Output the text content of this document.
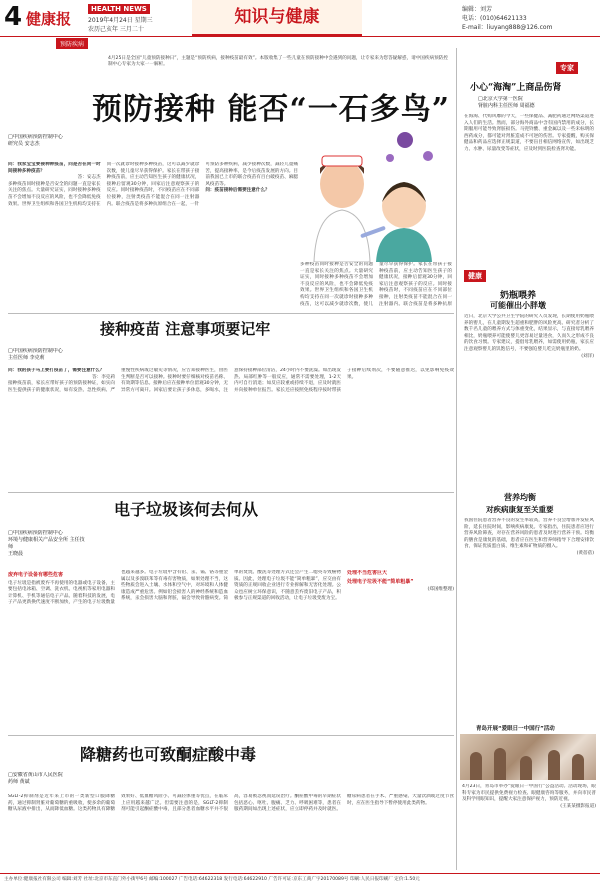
4 健康报
HEALTH NEWS
2019年4月24日 星期三
农历己亥年 三月二十
知识与健康	编辑：刘芳
电话：(010)64621133
E-mail：liuyang888@126.com
预防疾病
4月25日是全国“儿童预防接种日”，主题是“预防疾病，接种疫苗最有效”。本版收集了一些儿童在预防接种中会遇到的问题，让专家来为您答疑解惑，请中国疾病预防控制中心专家为大家一一解析。
预防接种 能否“一石多鸟”
□中国疾病预防控制中心
研究员 安志杰

问：我家宝宝要接种种疫苗，问是否在同一时间接种多种疫苗？

答：安志杰

多种疫苗同时接种是否安全的问题一直是家长关注的焦点。大量研究证实，同时接种多种疫苗不会增加不良反应的风险，也不会降低免疫效果。世界卫生组织和各国卫生机构均支持在同一次就诊时接种多种疫苗，这可以减少就诊次数，使儿童尽早获得保护。家长在带孩子接种疫苗前，应主动告知医生孩子的健康状况，接种后留观30分钟，回家后注意观察孩子的反应。同时接种疫苗时，不同疫苗应在不同部位接种，注射类疫苗不能混合在同一注射器内。联合疫苗是将多种抗原组合在一起，一针可预防多种疾病，减少接种次数，减轻儿童痛苦，提高接种率，是今后疫苗发展的方向。目前我国已上市的联合疫苗有百白破疫苗、麻腮风疫苗等。

问：疫苗接种后需要注意什么？

多种疫苗同时接种是否安全的问题一直是家长关注的焦点。大量研究证实，同时接种多种疫苗不会增加不良反应的风险，也不会降低免疫效果。世界卫生组织和各国卫生机构均支持在同一次就诊时接种多种疫苗，这可以减少就诊次数，使儿童尽早获得保护。家长在带孩子接种疫苗前，应主动告知医生孩子的健康状况，接种后留观30分钟，回家后注意观察孩子的反应。同时接种疫苗时，不同疫苗应在不同部位接种，注射类疫苗不能混合在同一注射器内。联合疫苗是将多种抗原

接种疫苗 注意事项要记牢
□中国疾病预防控制中心
主任医师 李克莉

问：我的孩子马上要打疫苗了，需要注意什么？

答：李克莉

接种疫苗前，家长应带好孩子的预防接种证，如实向医生提供孩子的健康状况，如有发热、急性疾病、严重慢性疾病或过敏史等情况，应告知接种医生，由医生判断是否可以接种。接种时要仔细核对疫苗名称、有效期等信息。接种后应在接种单位留观30分钟，无异常方可离开。回家后要让孩子多休息，多喝水，注意保持接种部位清洁，24小时内不要洗澡。如出现发热、局部红肿等一般反应，通常不需要处理，1-2天内可自行消退；如反应较重或持续不退，应及时就医并向接种单位报告。家长还应按照免疫程序按时带孩子接种后续剂次，不要随意推迟，以免影响免疫效果。

电子垃圾该何去何从
□中国疾病预防控制中心
环境与健康相关产品安全所 主任技师
王晓晨

废弃电子设备有哪些危害

电子垃圾是指被废弃不再使用的电器或电子设备，主要包括电冰箱、空调、洗衣机、电视机等家用电器和计算机、手机等通信电子产品。随着科技的发展，电子产品更新换代速度不断加快，产生的电子垃圾数量也越来越多。电子垃圾中含有铅、汞、镉、铬等重金属以及多溴联苯等有毒有害物质，如果处理不当，这些物质会进入土壤、水体和空气中，对环境和人体健康造成严重危害。例如铅会损害人的神经系统和造血系统，汞会损害大脑和肾脏，镉会导致骨骼病变。简单的焚烧、酸洗等处理方式还会产生二噁英等致癌物质。因此，处理电子垃圾不能“简单粗暴”，应交由有资质的正规回收企业进行专业拆解和无害化处理。公众也应树立环保意识，不随意丢弃废旧电子产品，积极参与正规渠道的回收活动，让电子垃圾变废为宝。

处理不当危害巨大

处理电子垃圾不能“简单粗暴”

(郑国维整理)

降糖药也可致酮症酸中毒
□安徽省黄山市人民医院
药师 黄斌

SGLT-2抑制剂是近年来上市的一类新型口服降糖药，通过抑制肾脏对葡萄糖的重吸收，使多余的葡萄糖从尿液中排出，从而降低血糖。这类药物具有降糖效果好、低血糖风险小、可减轻体重等优点，在临床上应用越来越广泛。但需要注意的是，SGLT-2抑制剂可能引起酮症酸中毒，且部分患者血糖水平并不很高，容易被忽视而延误治疗。酮症酸中毒的早期症状包括恶心、呕吐、腹痛、乏力、呼吸困难等，患者在服药期间如出现上述症状，应立即停药并及时就医。糖尿病患者在手术、严重感染、大量饮酒或过度节食时，应在医生指导下暂停使用此类药物。

专家
小心“海淘”上商品伤肾
□北京大学第一医院
肾脏内科主任医师 周福德
在海淘、代购风靡的今天，一些保健品、减肥药通过网络渠道进入人们的生活。然而，部分海外商品中含有国内禁用的成分，长期服用可能导致肾脏损伤。马兜铃酸、重金属以及一些未标明的西药成分，都可能对肾脏造成不可逆的伤害。专家提醒，购买保健品和药品应选择正规渠道，不要盲目相信网络宣传，如出现乏力、水肿、尿量改变等症状，应及时到医院检查肾功能。
健康
奶瓶喂养
可能催出小胖墩

近日，北京大学公共卫生学院的研究人员发现，长期使用奶瓶喂养的婴儿，在儿童期发生超重和肥胖的风险更高。研究者分析了数千名儿童的喂养方式与体重变化，结果显示，与直接母乳喂养相比，奶瓶喂养可能使婴儿更容易过量进食，久而久之形成不良的饮食习惯。专家建议，提倡母乳喂养，如需使用奶瓶，家长应注意观察婴儿的饥饱信号，不要强迫婴儿吃完奶瓶里的奶。

(刘洋)

营养均衡
对疾病康复至关重要

我国住院患者营养不良的发生率较高，营养不良会增加并发症风险，延长住院时间，影响疾病康复。专家指出，住院患者应进行营养风险筛查，对存在营养风险的患者及时进行营养干预。均衡的膳食是康复的基础，患者应在医生和营养师指导下合理安排饮食，保证优质蛋白质、维生素和矿物质的摄入。

(黄蓓蓓)

青岛开展“爱眼日一中国行”活动

4月23日，青岛市举办“爱眼日一中国行”公益活动。活动现场，眼科专家为市民提供免费视力检查、眼健康咨询等服务，并向市民普及科学用眼知识，提醒大家注意保护视力，预防近视。

(王某某摄影报道)

主办单位:健康报社有限公司 编辑:刘芳 社址:北京市东直门外小街甲6号 邮编:100027 广告电话:64622318 发行电话:64622910 广告许可证:京东工商广字20170089号 印刷:人民日报印刷厂 定价:1.50元
